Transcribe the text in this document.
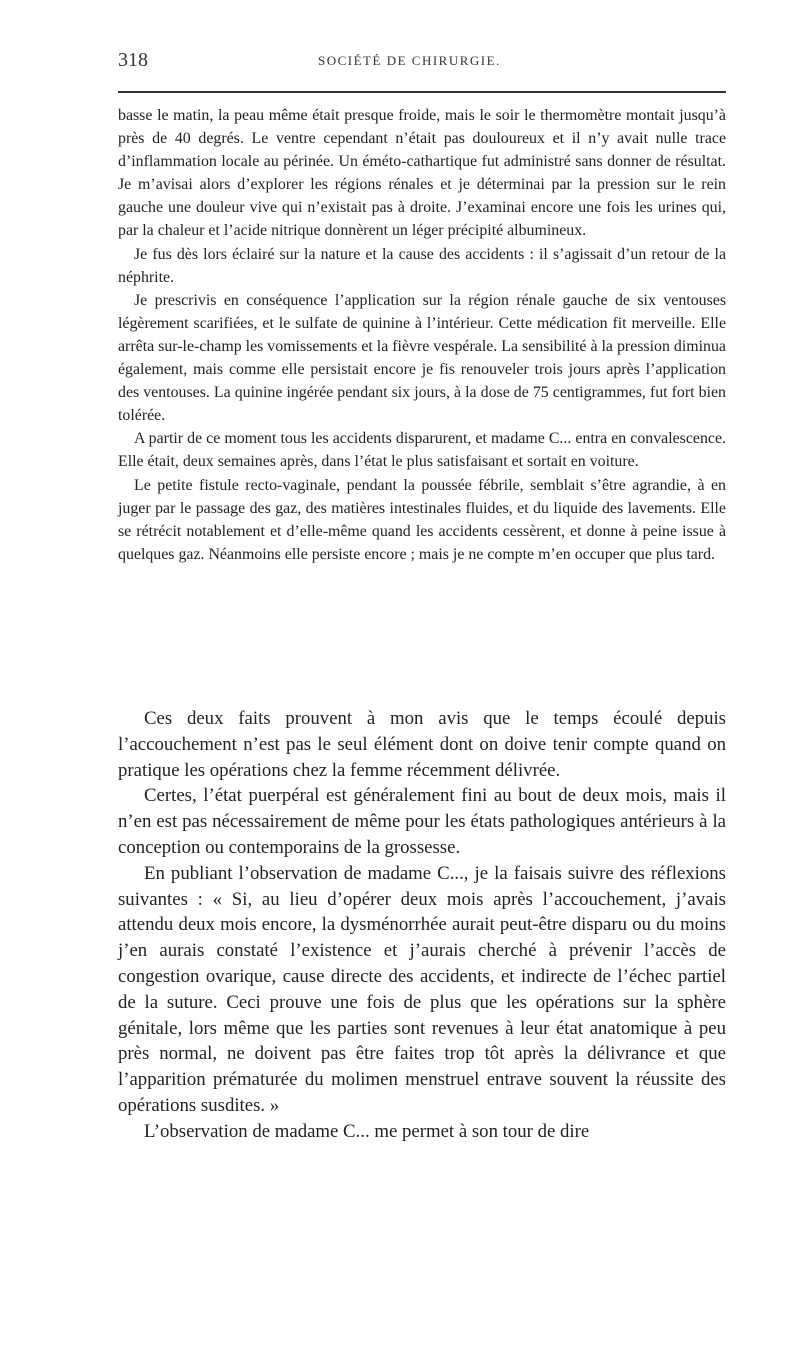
318	SOCIÉTÉ DE CHIRURGIE.

basse le matin, la peau même était presque froide, mais le soir le thermomètre montait jusqu’à près de 40 degrés. Le ventre cependant n’était pas douloureux et il n’y avait nulle trace d’inflammation locale au périnée. Un éméto-cathartique fut administré sans donner de résultat. Je m’avisai alors d’explorer les régions rénales et je déterminai par la pression sur le rein gauche une douleur vive qui n’existait pas à droite. J’examinai encore une fois les urines qui, par la chaleur et l’acide nitrique donnèrent un léger précipité albumineux.

Je fus dès lors éclairé sur la nature et la cause des accidents : il s’agissait d’un retour de la néphrite.

Je prescrivis en conséquence l’application sur la région rénale gauche de six ventouses légèrement scarifiées, et le sulfate de quinine à l’intérieur. Cette médication fit merveille. Elle arrêta sur-le-champ les vomissements et la fièvre vespérale. La sensibilité à la pression diminua également, mais comme elle persistait encore je fis renouveler trois jours après l’application des ventouses. La quinine ingérée pendant six jours, à la dose de 75 centigrammes, fut fort bien tolérée.

A partir de ce moment tous les accidents disparurent, et madame C... entra en convalescence. Elle était, deux semaines après, dans l’état le plus satisfaisant et sortait en voiture.

Le petite fistule recto-vaginale, pendant la poussée fébrile, semblait s’être agrandie, à en juger par le passage des gaz, des matières intestinales fluides, et du liquide des lavements. Elle se rétrécit notablement et d’elle-même quand les accidents cessèrent, et donne à peine issue à quelques gaz. Néanmoins elle persiste encore ; mais je ne compte m’en occuper que plus tard.

Ces deux faits prouvent à mon avis que le temps écoulé depuis l’accouchement n’est pas le seul élément dont on doive tenir compte quand on pratique les opérations chez la femme récemment délivrée.

Certes, l’état puerpéral est généralement fini au bout de deux mois, mais il n’en est pas nécessairement de même pour les états pathologiques antérieurs à la conception ou contemporains de la grossesse.

En publiant l’observation de madame C..., je la faisais suivre des réflexions suivantes : « Si, au lieu d’opérer deux mois après l’accouchement, j’avais attendu deux mois encore, la dysménorrhée aurait peut-être disparu ou du moins j’en aurais constaté l’existence et j’aurais cherché à prévenir l’accès de congestion ovarique, cause directe des accidents, et indirecte de l’échec partiel de la suture. Ceci prouve une fois de plus que les opérations sur la sphère génitale, lors même que les parties sont revenues à leur état anatomique à peu près normal, ne doivent pas être faites trop tôt après la délivrance et que l’apparition prématurée du molimen menstruel entrave souvent la réussite des opérations susdites. »

L’observation de madame C... me permet à son tour de dire
